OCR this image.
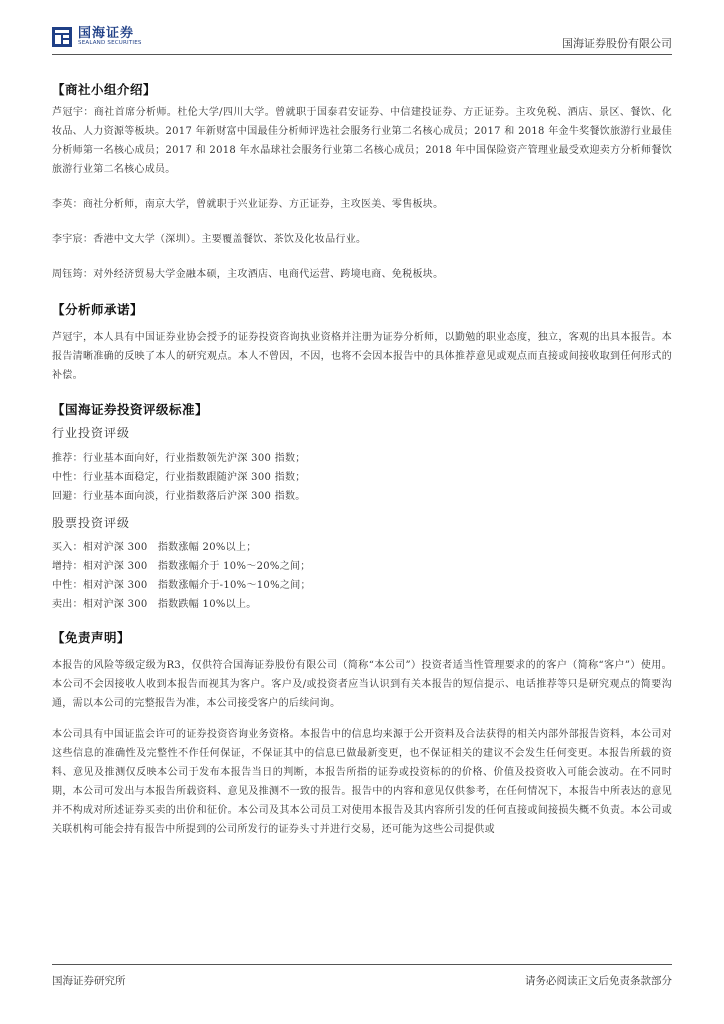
国海证券
SEALAND SECURITIES	国海证券股份有限公司

【商社小组介绍】

芦冠宇：商社首席分析师。杜伦大学/四川大学。曾就职于国泰君安证券、中信建投证券、方正证券。主攻免税、酒店、景区、餐饮、化妆品、人力资源等板块。2017 年新财富中国最佳分析师评选社会服务行业第二名核心成员；2017 和 2018 年金牛奖餐饮旅游行业最佳分析师第一名核心成员；2017 和 2018 年水晶球社会服务行业第二名核心成员；2018 年中国保险资产管理业最受欢迎卖方分析师餐饮旅游行业第二名核心成员。

李英：商社分析师，南京大学，曾就职于兴业证券、方正证券，主攻医美、零售板块。

李宇宸：香港中文大学（深圳）。主要覆盖餐饮、茶饮及化妆品行业。

周钰筠：对外经济贸易大学金融本硕，主攻酒店、电商代运营、跨境电商、免税板块。

【分析师承诺】

芦冠宇，本人具有中国证券业协会授予的证券投资咨询执业资格并注册为证券分析师，以勤勉的职业态度，独立，客观的出具本报告。本报告清晰准确的反映了本人的研究观点。本人不曾因，不因，也将不会因本报告中的具体推荐意见或观点而直接或间接收取到任何形式的补偿。

【国海证券投资评级标准】

行业投资评级

推荐：行业基本面向好，行业指数领先沪深 300 指数；

中性：行业基本面稳定，行业指数跟随沪深 300 指数；

回避：行业基本面向淡，行业指数落后沪深 300 指数。

股票投资评级

买入：相对沪深 300　指数涨幅 20%以上；

增持：相对沪深 300　指数涨幅介于 10%～20%之间；

中性：相对沪深 300　指数涨幅介于-10%～10%之间；

卖出：相对沪深 300　指数跌幅 10%以上。

【免责声明】

本报告的风险等级定级为R3，仅供符合国海证券股份有限公司（简称“本公司”）投资者适当性管理要求的的客户（简称“客户”）使用。本公司不会因接收人收到本报告而视其为客户。客户及/或投资者应当认识到有关本报告的短信提示、电话推荐等只是研究观点的简要沟通，需以本公司的完整报告为准，本公司接受客户的后续问询。

本公司具有中国证监会许可的证券投资咨询业务资格。本报告中的信息均来源于公开资料及合法获得的相关内部外部报告资料，本公司对这些信息的准确性及完整性不作任何保证，不保证其中的信息已做最新变更，也不保证相关的建议不会发生任何变更。本报告所载的资料、意见及推测仅反映本公司于发布本报告当日的判断，本报告所指的证券或投资标的的价格、价值及投资收入可能会波动。在不同时期，本公司可发出与本报告所载资料、意见及推测不一致的报告。报告中的内容和意见仅供参考，在任何情况下，本报告中所表达的意见并不构成对所述证券买卖的出价和征价。本公司及其本公司员工对使用本报告及其内容所引发的任何直接或间接损失概不负责。本公司或关联机构可能会持有报告中所提到的公司所发行的证券头寸并进行交易，还可能为这些公司提供或

国海证券研究所	请务必阅读正文后免责条款部分
